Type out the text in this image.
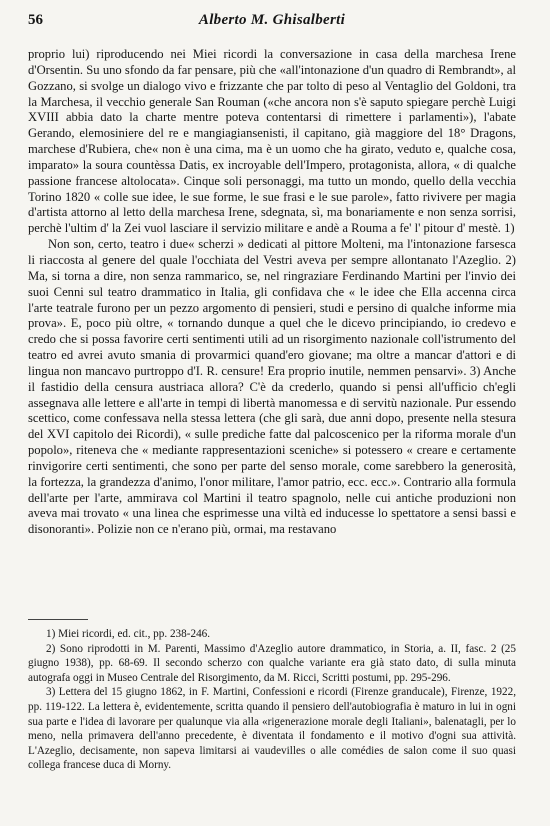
56	Alberto M. Ghisalberti

proprio lui) riproducendo nei Miei ricordi la conversazione in casa della marchesa Irene d'Orsentin. Su uno sfondo da far pensare, più che «all'intonazione d'un quadro di Rembrandt», al Gozzano, si svolge un dialogo vivo e frizzante che par tolto di peso al Ventaglio del Goldoni, tra la Marchesa, il vecchio generale San Rouman («che ancora non s'è saputo spiegare perchè Luigi XVIII abbia dato la charte mentre poteva contentarsi di rimettere i parlamenti»), l'abate Gerando, elemosiniere del re e mangiagiansenisti, il capitano, già maggiore del 18° Dragons, marchese d'Rubiera, che« non è una cima, ma è un uomo che ha girato, veduto e, qualche cosa, imparato» la soura countèssa Datis, ex incroyable dell'Impero, protagonista, allora, « di qualche passione francese altolocata». Cinque soli personaggi, ma tutto un mondo, quello della vecchia Torino 1820 « colle sue idee, le sue forme, le sue frasi e le sue parole», fatto rivivere per magia d'artista attorno al letto della marchesa Irene, sdegnata, sì, ma bonariamente e non senza sorrisi, perchè l'ultim d' la Zei vuol lasciare il servizio militare e andè a Rouma a fe' l' pitour d' mestè. 1)

Non son, certo, teatro i due« scherzi » dedicati al pittore Molteni, ma l'intonazione farsesca li riaccosta al genere del quale l'occhiata del Vestri aveva per sempre allontanato l'Azeglio. 2) Ma, si torna a dire, non senza rammarico, se, nel ringraziare Ferdinando Martini per l'invio dei suoi Cenni sul teatro drammatico in Italia, gli confidava che « le idee che Ella accenna circa l'arte teatrale furono per un pezzo argomento di pensieri, studi e persino di qualche informe mia prova». E, poco più oltre, « tornando dunque a quel che le dicevo principiando, io credevo e credo che si possa favorire certi sentimenti utili ad un risorgimento nazionale coll'istrumento del teatro ed avrei avuto smania di provarmici quand'ero giovane; ma oltre a mancar d'attori e di lingua non mancavo purtroppo d'I. R. censure! Era proprio inutile, nemmen pensarvi». 3) Anche il fastidio della censura austriaca allora? C'è da crederlo, quando si pensi all'ufficio ch'egli assegnava alle lettere e all'arte in tempi di libertà manomessa e di servitù nazionale. Pur essendo scettico, come confessava nella stessa lettera (che gli sarà, due anni dopo, presente nella stesura del XVI capitolo dei Ricordi), « sulle prediche fatte dal palcoscenico per la riforma morale d'un popolo», riteneva che « mediante rappresentazioni sceniche» si potessero « creare e certamente rinvigorire certi sentimenti, che sono per parte del senso morale, come sarebbero la generosità, la fortezza, la grandezza d'animo, l'onor militare, l'amor patrio, ecc. ecc.». Contrario alla formula dell'arte per l'arte, ammirava col Martini il teatro spagnolo, nelle cui antiche produzioni non aveva mai trovato « una linea che esprimesse una viltà ed inducesse lo spettatore a sensi bassi e disonoranti». Polizie non ce n'erano più, ormai, ma restavano

1) Miei ricordi, ed. cit., pp. 238-246.

2) Sono riprodotti in M. Parenti, Massimo d'Azeglio autore drammatico, in Storia, a. II, fasc. 2 (25 giugno 1938), pp. 68-69. Il secondo scherzo con qualche variante era già stato dato, di sulla minuta autografa oggi in Museo Centrale del Risorgimento, da M. Ricci, Scritti postumi, pp. 295-296.

3) Lettera del 15 giugno 1862, in F. Martini, Confessioni e ricordi (Firenze granducale), Firenze, 1922, pp. 119-122. La lettera è, evidentemente, scritta quando il pensiero dell'autobiografia è maturo in lui in ogni sua parte e l'idea di lavorare per qualunque via alla «rigenerazione morale degli Italiani», balenatagli, per lo meno, nella primavera dell'anno precedente, è diventata il fondamento e il motivo d'ogni sua attività. L'Azeglio, decisamente, non sapeva limitarsi ai vaudevilles o alle comédies de salon come il suo quasi collega francese duca di Morny.
